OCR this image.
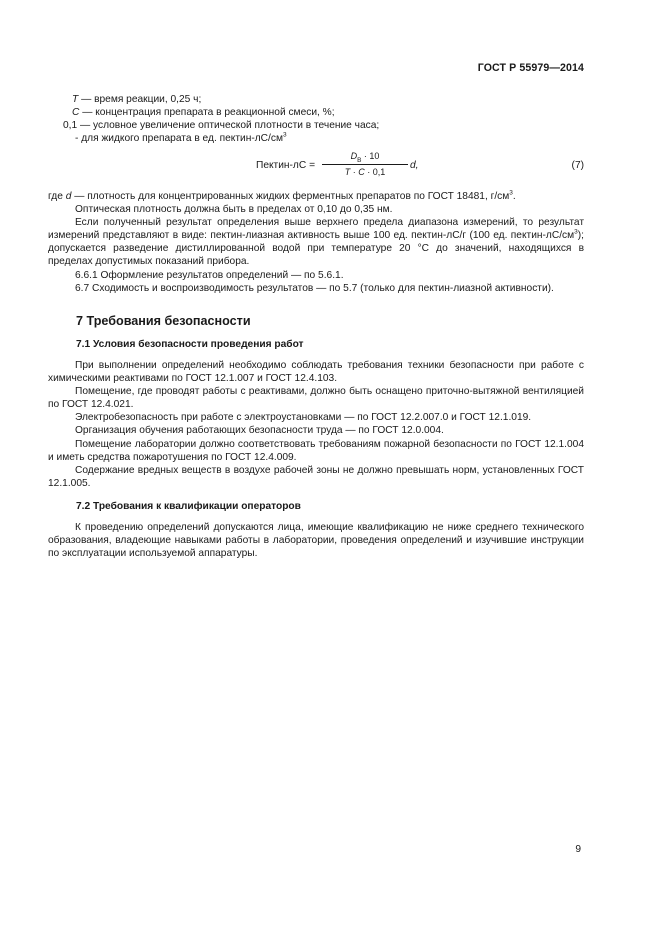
ГОСТ Р 55979—2014

T — время реакции, 0,25 ч;

C — концентрация препарата в реакционной смеси, %;

0,1 — условное увеличение оптической плотности в течение часа;

- для жидкого препарата в ед. пектин-$лС/см^3$

Пектин-лС =
$D_B \cdot 10$
T · C · 0,1
d,	(7)

где d — плотность для концентрированных жидких ферментных препаратов по ГОСТ 18481, $г/см^3$.

Оптическая плотность должна быть в пределах от 0,10 до 0,35 нм.

Если полученный результат определения выше верхнего предела диапазона измерений, то результат измерений представляют в виде: пектин-лиазная активность выше 100 ед. пектин-лС/г (100 ед. пектин-$лС/см^3$); допускается разведение дистиллированной водой при температуре 20 °С до значений, находящихся в пределах допустимых показаний прибора.

6.6.1 Оформление результатов определений — по 5.6.1.

6.7 Сходимость и воспроизводимость результатов — по 5.7 (только для пектин-лиазной активности).

7 Требования безопасности
7.1 Условия безопасности проведения работ

При выполнении определений необходимо соблюдать требования техники безопасности при работе с химическими реактивами по ГОСТ 12.1.007 и ГОСТ 12.4.103.

Помещение, где проводят работы с реактивами, должно быть оснащено приточно-вытяжной вентиляцией по ГОСТ 12.4.021.

Электробезопасность при работе с электроустановками — по ГОСТ 12.2.007.0 и ГОСТ 12.1.019.

Организация обучения работающих безопасности труда — по ГОСТ 12.0.004.

Помещение лаборатории должно соответствовать требованиям пожарной безопасности по ГОСТ 12.1.004 и иметь средства пожаротушения по ГОСТ 12.4.009.

Содержание вредных веществ в воздухе рабочей зоны не должно превышать норм, установленных ГОСТ 12.1.005.

7.2 Требования к квалификации операторов

К проведению определений допускаются лица, имеющие квалификацию не ниже среднего технического образования, владеющие навыками работы в лаборатории, проведения определений и изучившие инструкции по эксплуатации используемой аппаратуры.

9
